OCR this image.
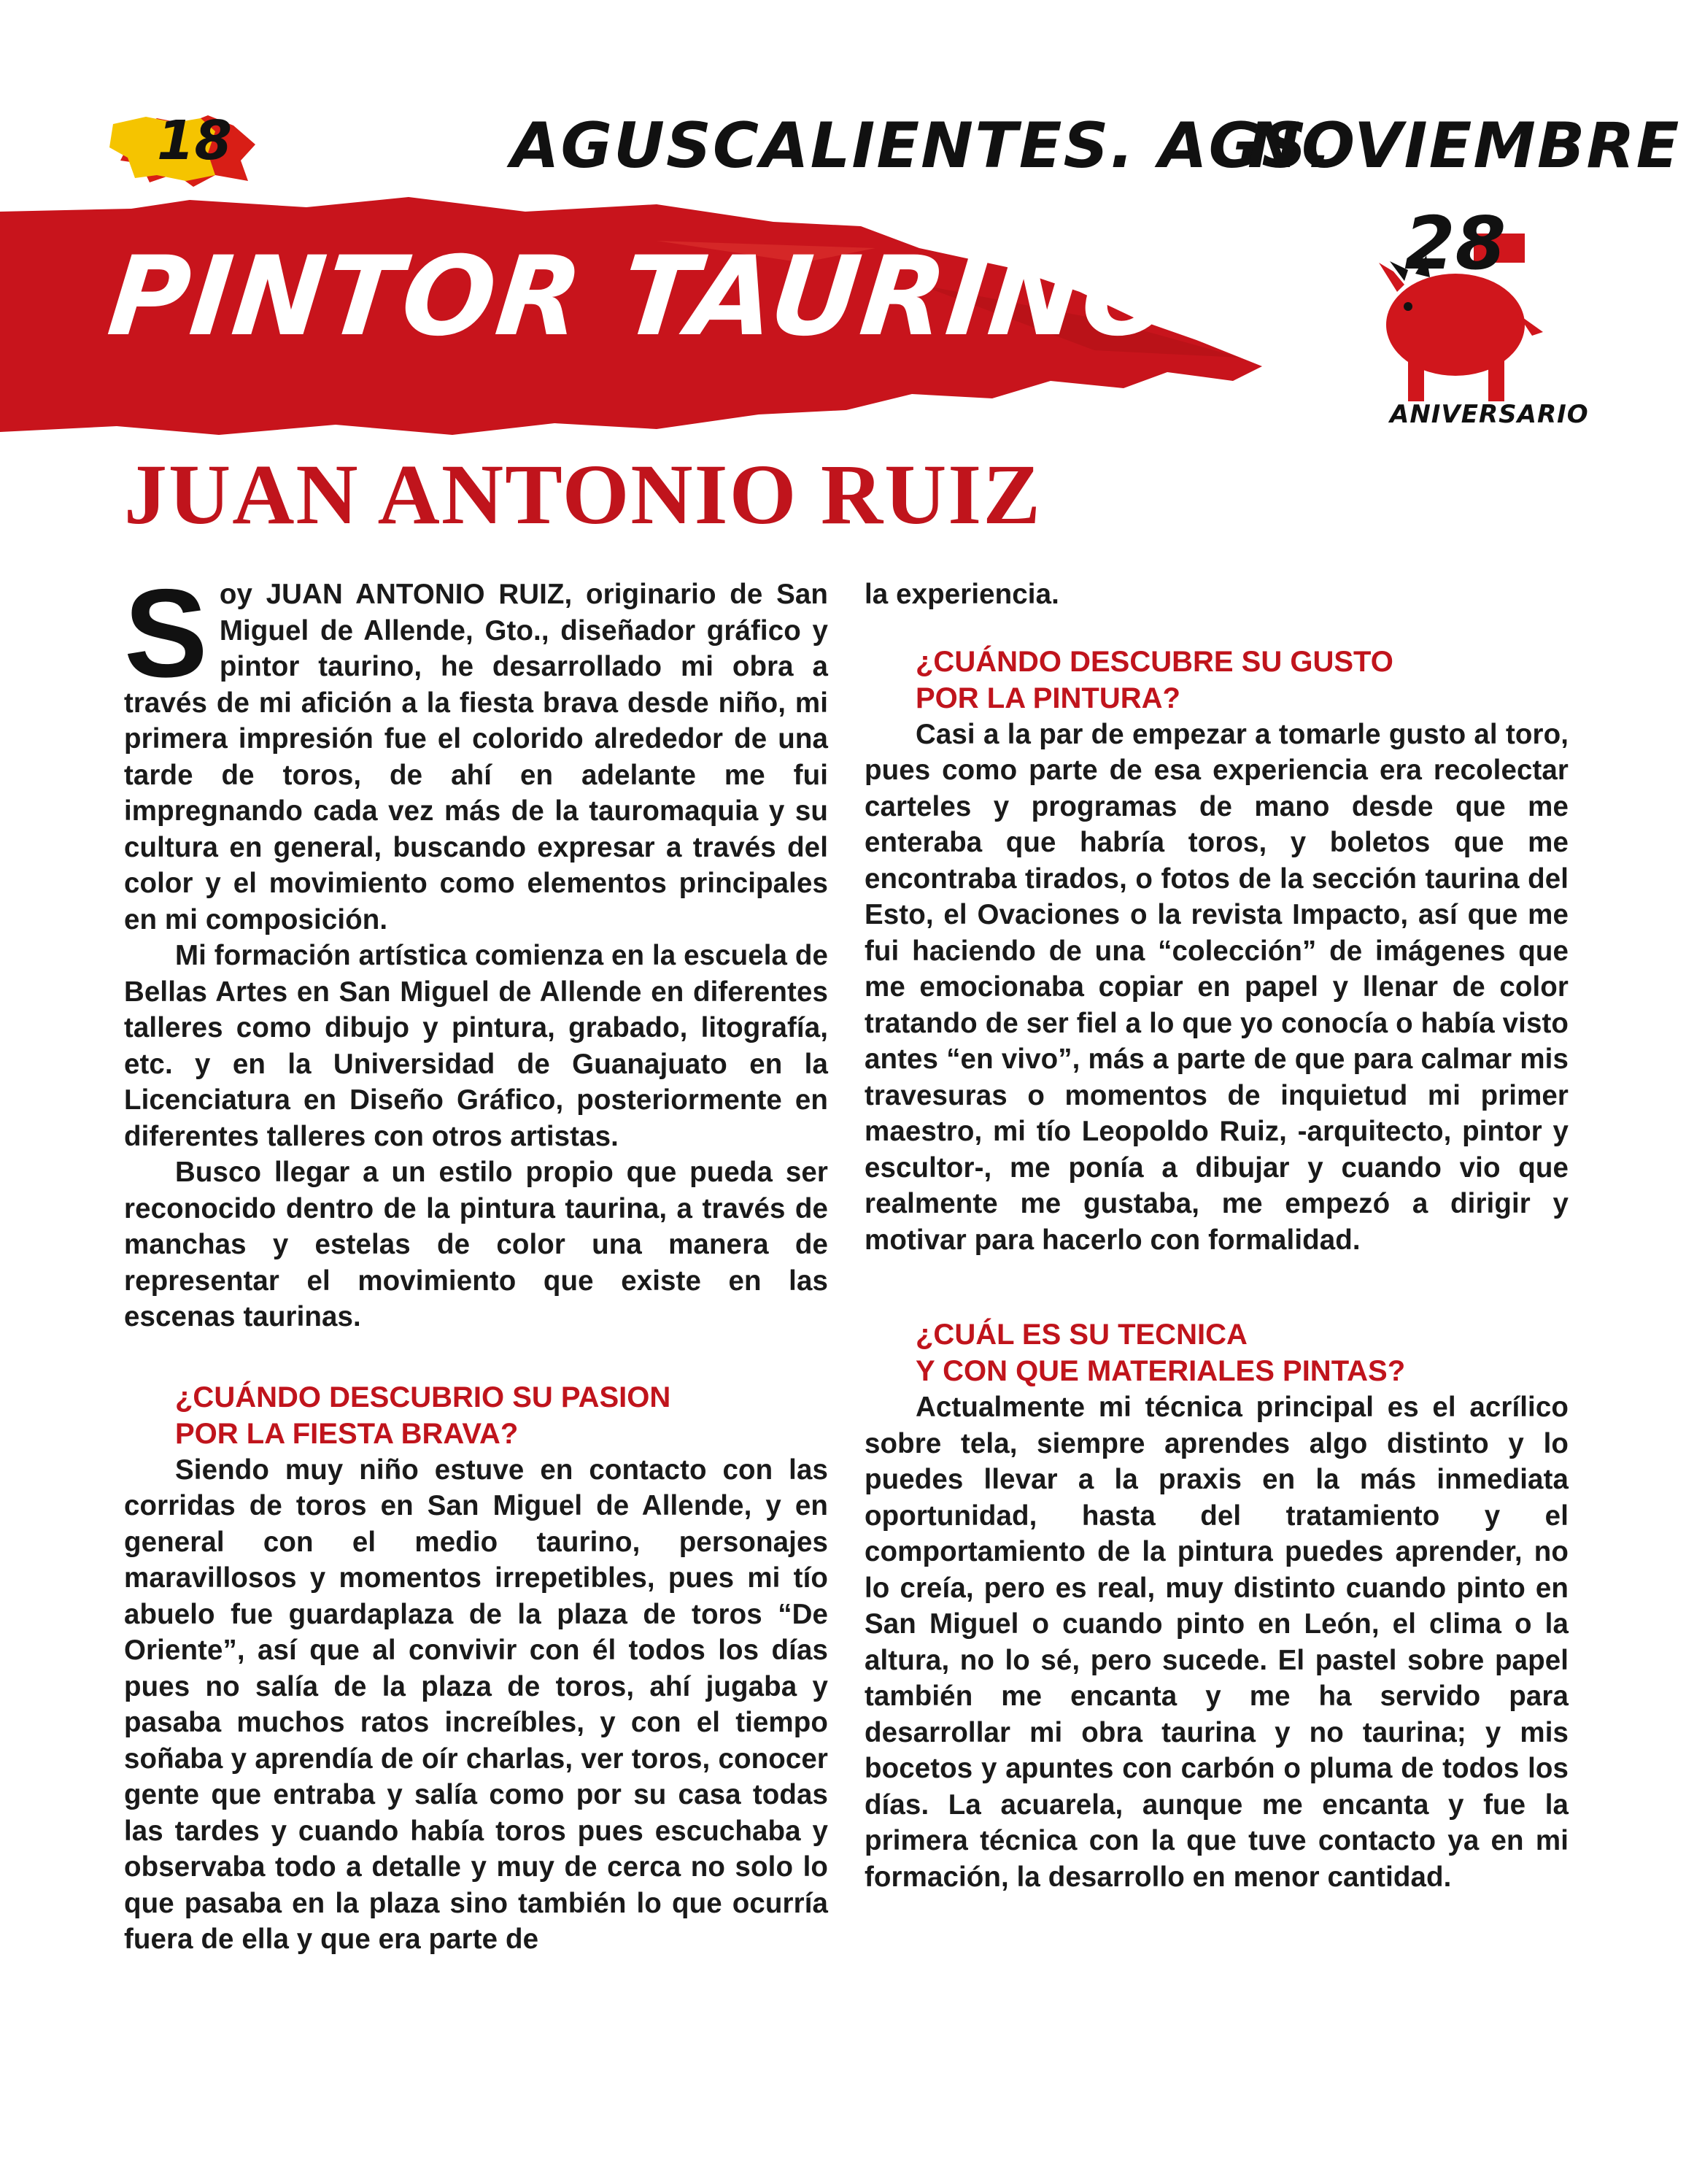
18	AGUSCALIENTES. AGS.
NOVIEMBRE
PINTOR TAURINO	28
ANIVERSARIO
JUAN ANTONIO RUIZ

Soy JUAN ANTONIO RUIZ, originario de San Miguel de Allende, Gto., diseñador gráfico y pintor taurino, he desarrollado mi obra a través de mi afición a la fiesta brava desde niño, mi primera impresión fue el colorido alrededor de una tarde de toros, de ahí en adelante me fui impregnando cada vez más de la tauromaquia y su cultura en general, buscando expresar a través del color y el movimiento como elementos principales en mi composición.

Mi formación artística comienza en la escuela de Bellas Artes en San Miguel de Allende en diferentes talleres como dibujo y pintura, grabado, litografía, etc. y en la Universidad de Guanajuato en la Licenciatura en Diseño Gráfico, posteriormente en diferentes talleres con otros artistas.

Busco llegar a un estilo propio que pueda ser reconocido dentro de la pintura taurina, a través de manchas y estelas de color una manera de representar el movimiento que existe en las escenas taurinas.

¿CUÁNDO DESCUBRIO SU PASION
POR LA FIESTA BRAVA?

Siendo muy niño estuve en contacto con las corridas de toros en San Miguel de Allende, y en general con el medio taurino, personajes maravillosos y momentos irrepetibles, pues mi tío abuelo fue guardaplaza de la plaza de toros “De Oriente”, así que al convivir con él todos los días pues no salía de la plaza de toros, ahí jugaba y pasaba muchos ratos increíbles, y con el tiempo soñaba y aprendía de oír charlas, ver toros, conocer gente que entraba y salía como por su casa todas las tardes y cuando había toros pues escuchaba y observaba todo a detalle y muy de cerca no solo lo que pasaba en la plaza sino también lo que ocurría fuera de ella y que era parte de

la experiencia.

¿CUÁNDO DESCUBRE SU GUSTO
POR LA PINTURA?

Casi a la par de empezar a tomarle gusto al toro, pues como parte de esa experiencia era recolectar carteles y programas de mano desde que me enteraba que habría toros, y boletos que me encontraba tirados, o fotos de la sección taurina del Esto, el Ovaciones o la revista Impacto, así que me fui haciendo de una “colección” de imágenes que me emocionaba copiar en papel y llenar de color tratando de ser fiel a lo que yo conocía o había visto antes “en vivo”, más a parte de que para calmar mis travesuras o momentos de inquietud mi primer maestro, mi tío Leopoldo Ruiz, -arquitecto, pintor y escultor-, me ponía a dibujar y cuando vio que realmente me gustaba, me empezó a dirigir y motivar para hacerlo con formalidad.

¿CUÁL ES SU TECNICA
Y CON QUE MATERIALES PINTAS?

Actualmente mi técnica principal es el acrílico sobre tela, siempre aprendes algo distinto y lo puedes llevar a la praxis en la más inmediata oportunidad, hasta del tratamiento y el comportamiento de la pintura puedes aprender, no lo creía, pero es real, muy distinto cuando pinto en San Miguel o cuando pinto en León, el clima o la altura, no lo sé, pero sucede. El pastel sobre papel también me encanta y me ha servido para desarrollar mi obra taurina y no taurina; y mis bocetos y apuntes con carbón o pluma de todos los días. La acuarela, aunque me encanta y fue la primera técnica con la que tuve contacto ya en mi formación, la desarrollo en menor cantidad.
